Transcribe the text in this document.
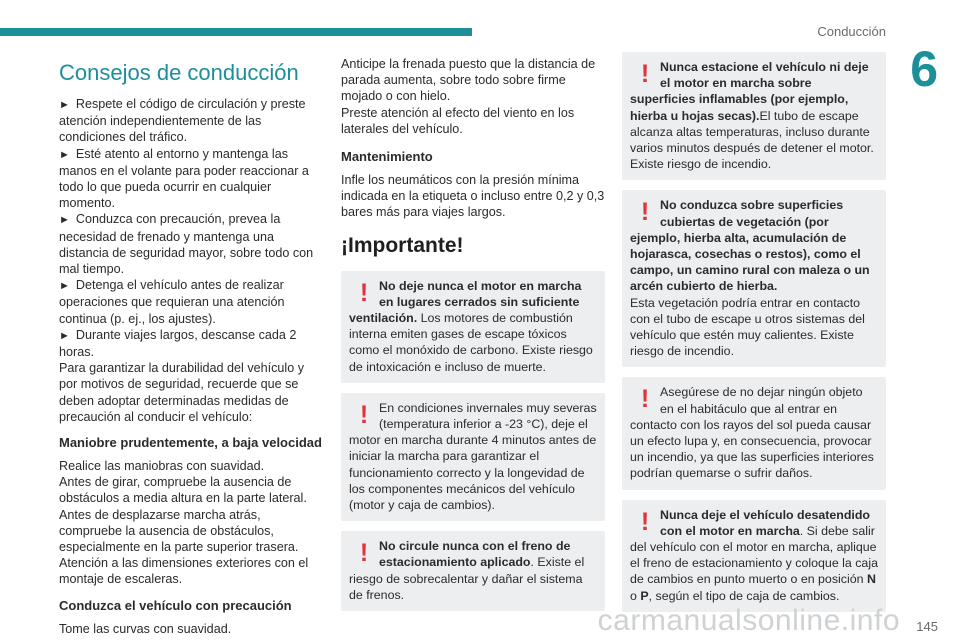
Conducción
6
Consejos de conducción

► Respete el código de circulación y preste atención independientemente de las condiciones del tráfico.

► Esté atento al entorno y mantenga las manos en el volante para poder reaccionar a todo lo que pueda ocurrir en cualquier momento.

► Conduzca con precaución, prevea la necesidad de frenado y mantenga una distancia de seguridad mayor, sobre todo con mal tiempo.

► Detenga el vehículo antes de realizar operaciones que requieran una atención continua (p. ej., los ajustes).

► Durante viajes largos, descanse cada 2 horas.

Para garantizar la durabilidad del vehículo y por motivos de seguridad, recuerde que se deben adoptar determinadas medidas de precaución al conducir el vehículo:

Maniobre prudentemente, a baja velocidad

Realice las maniobras con suavidad.

Antes de girar, compruebe la ausencia de obstáculos a media altura en la parte lateral.

Antes de desplazarse marcha atrás, compruebe la ausencia de obstáculos, especialmente en la parte superior trasera.

Atención a las dimensiones exteriores con el montaje de escaleras.

Conduzca el vehículo con precaución

Tome las curvas con suavidad.

Anticipe la frenada puesto que la distancia de parada aumenta, sobre todo sobre firme mojado o con hielo.

Preste atención al efecto del viento en los laterales del vehículo.

Mantenimiento

Infle los neumáticos con la presión mínima indicada en la etiqueta o incluso entre 0,2 y 0,3 bares más para viajes largos.

¡Importante!
! No deje nunca el motor en marcha en lugares cerrados sin suficiente ventilación. Los motores de combustión interna emiten gases de escape tóxicos como el monóxido de carbono. Existe riesgo de intoxicación e incluso de muerte.
! En condiciones invernales muy severas (temperatura inferior a -23 °C), deje el motor en marcha durante 4 minutos antes de iniciar la marcha para garantizar el funcionamiento correcto y la longevidad de los componentes mecánicos del vehículo (motor y caja de cambios).
! No circule nunca con el freno de estacionamiento aplicado. Existe el riesgo de sobrecalentar y dañar el sistema de frenos.
! Nunca estacione el vehículo ni deje el motor en marcha sobre superficies inflamables (por ejemplo, hierba u hojas secas).El tubo de escape alcanza altas temperaturas, incluso durante varios minutos después de detener el motor. Existe riesgo de incendio.
! No conduzca sobre superficies cubiertas de vegetación (por ejemplo, hierba alta, acumulación de hojarasca, cosechas o restos), como el campo, un camino rural con maleza o un arcén cubierto de hierba.
Esta vegetación podría entrar en contacto con el tubo de escape u otros sistemas del vehículo que estén muy calientes. Existe riesgo de incendio.
! Asegúrese de no dejar ningún objeto en el habitáculo que al entrar en contacto con los rayos del sol pueda causar un efecto lupa y, en consecuencia, provocar un incendio, ya que las superficies interiores podrían quemarse o sufrir daños.
! Nunca deje el vehículo desatendido con el motor en marcha. Si debe salir del vehículo con el motor en marcha, aplique el freno de estacionamiento y coloque la caja de cambios en punto muerto o en posición N o P, según el tipo de caja de cambios.
carmanualsonline.info 145
